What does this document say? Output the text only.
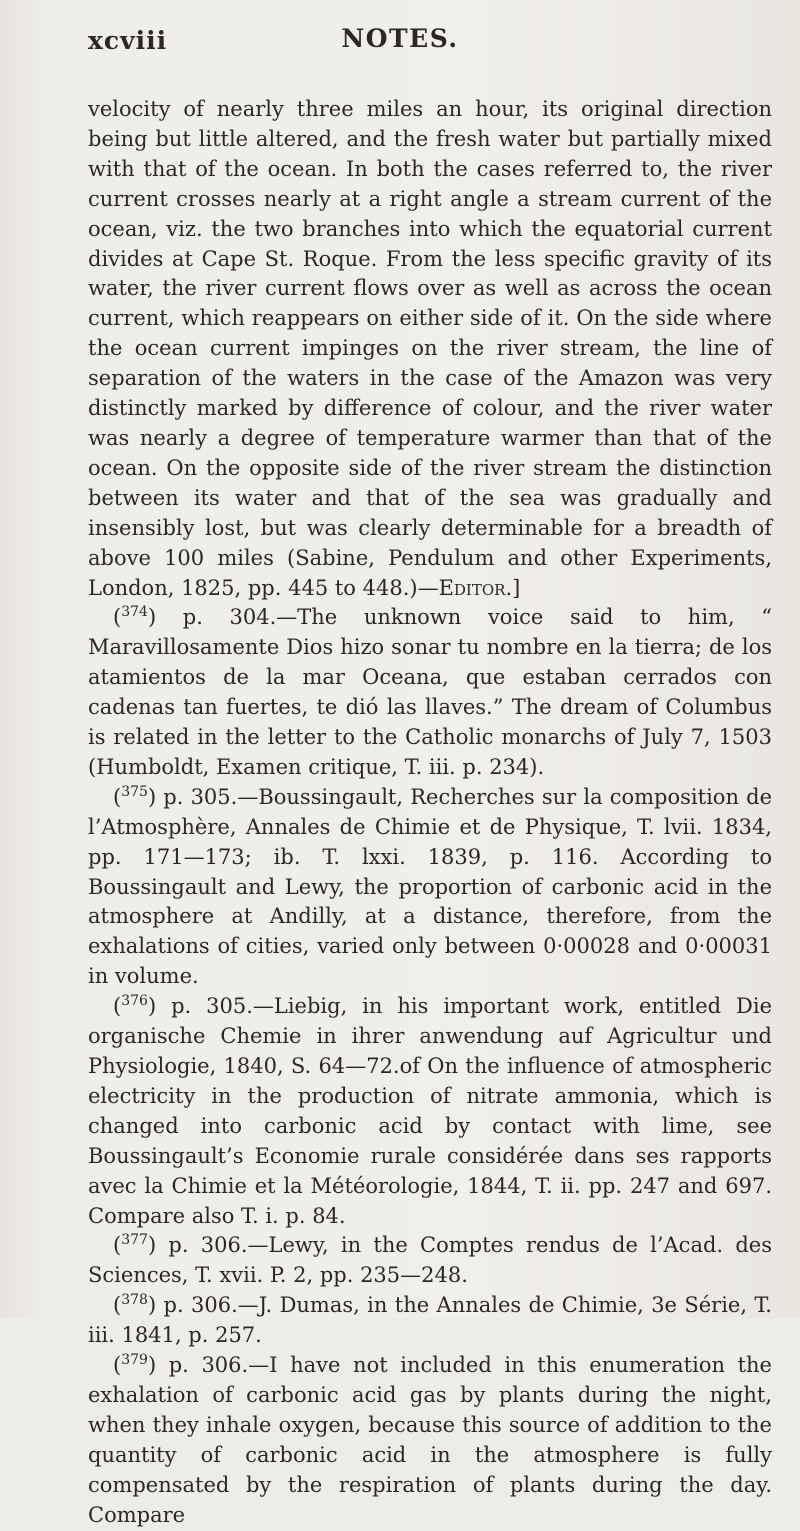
xcviii	NOTES.

velocity of nearly three miles an hour, its original direction being but little altered, and the fresh water but partially mixed with that of the ocean. In both the cases referred to, the river current crosses nearly at a right angle a stream current of the ocean, viz. the two branches into which the equatorial current divides at Cape St. Roque. From the less specific gravity of its water, the river current flows over as well as across the ocean current, which reappears on either side of it. On the side where the ocean current impinges on the river stream, the line of separation of the waters in the case of the Amazon was very distinctly marked by difference of colour, and the river water was nearly a degree of temperature warmer than that of the ocean. On the opposite side of the river stream the distinction between its water and that of the sea was gradually and insensibly lost, but was clearly determinable for a breadth of above 100 miles (Sabine, Pendulum and other Experiments, London, 1825, pp. 445 to 448.)—Editor.]

($^{374}$) p. 304.—The unknown voice said to him, “ Maravillosamente Dios hizo sonar tu nombre en la tierra; de los atamientos de la mar Oceana, que estaban cerrados con cadenas tan fuertes, te dió las llaves.” The dream of Columbus is related in the letter to the Catholic monarchs of July 7, 1503 (Humboldt, Examen critique, T. iii. p. 234).

($^{375}$) p. 305.—Boussingault, Recherches sur la composition de l’Atmosphère, Annales de Chimie et de Physique, T. lvii. 1834, pp. 171—173; ib. T. lxxi. 1839, p. 116. According to Boussingault and Lewy, the proportion of carbonic acid in the atmosphere at Andilly, at a distance, therefore, from the exhalations of cities, varied only between 0·00028 and 0·00031 in volume.

($^{376}$) p. 305.—Liebig, in his important work, entitled Die organische Chemie in ihrer anwendung auf Agricultur und Physiologie, 1840, S. 64—72.of On the influence of atmospheric electricity in the production of nitrate ammonia, which is changed into carbonic acid by contact with lime, see Boussingault’s Economie rurale considérée dans ses rapports avec la Chimie et la Météorologie, 1844, T. ii. pp. 247 and 697. Compare also T. i. p. 84.

($^{377}$) p. 306.—Lewy, in the Comptes rendus de l’Acad. des Sciences, T. xvii. P. 2, pp. 235—248.

($^{378}$) p. 306.—J. Dumas, in the Annales de Chimie, 3e Série, T. iii. 1841, p. 257.

($^{379}$) p. 306.—I have not included in this enumeration the exhalation of carbonic acid gas by plants during the night, when they inhale oxygen, because this source of addition to the quantity of carbonic acid in the atmosphere is fully compensated by the respiration of plants during the day. Compare
